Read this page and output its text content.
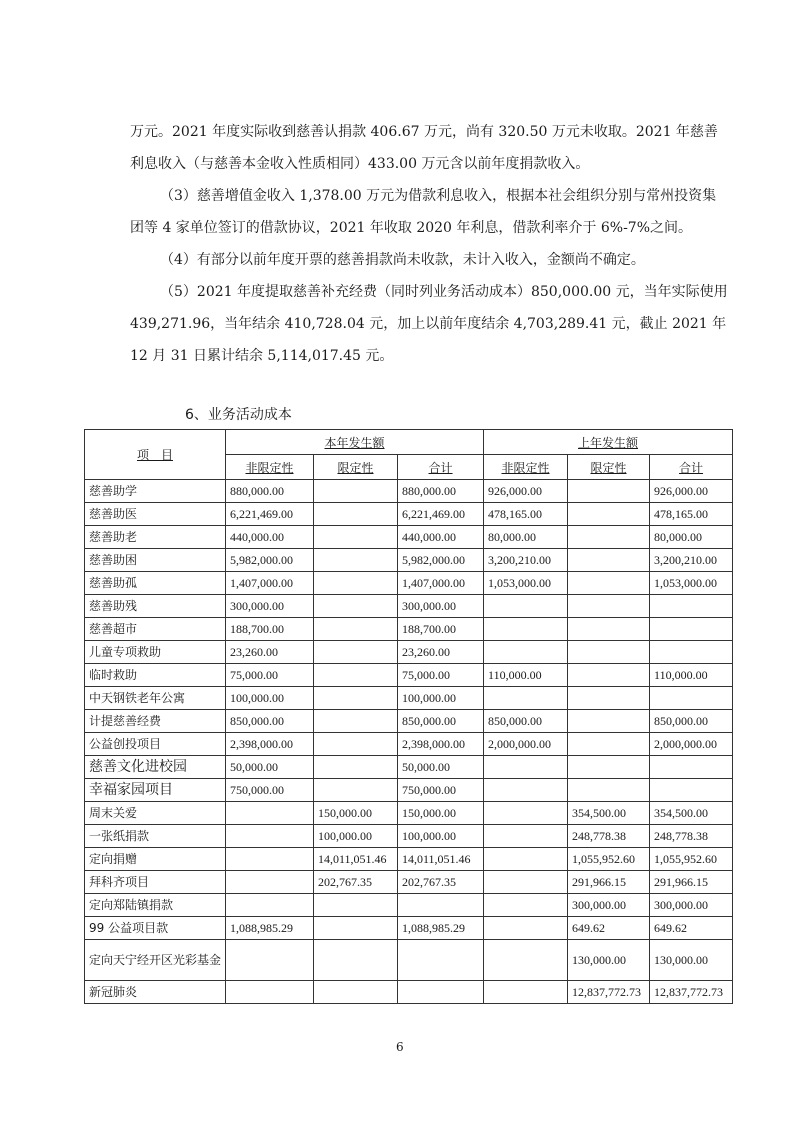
万元。2021 年度实际收到慈善认捐款 406.67 万元，尚有 320.50 万元未收取。2021 年慈善利息收入（与慈善本金收入性质相同）433.00 万元含以前年度捐款收入。

（3）慈善增值金收入 1,378.00 万元为借款利息收入，根据本社会组织分别与常州投资集团等 4 家单位签订的借款协议，2021 年收取 2020 年利息，借款利率介于 6%-7%之间。

（4）有部分以前年度开票的慈善捐款尚未收款，未计入收入，金额尚不确定。

（5）2021 年度提取慈善补充经费（同时列业务活动成本）850,000.00 元，当年实际使用 439,271.96，当年结余 410,728.04 元，加上以前年度结余 4,703,289.41 元，截止 2021 年 12 月 31 日累计结余 5,114,017.45 元。

6、业务活动成本
项　目	本年发生额			上年发生额		
	非限定性	限定性	合计	非限定性	限定性	合计
慈善助学	880,000.00		880,000.00	926,000.00		926,000.00
慈善助医	6,221,469.00		6,221,469.00	478,165.00		478,165.00
慈善助老	440,000.00		440,000.00	80,000.00		80,000.00
慈善助困	5,982,000.00		5,982,000.00	3,200,210.00		3,200,210.00
慈善助孤	1,407,000.00		1,407,000.00	1,053,000.00		1,053,000.00
慈善助残	300,000.00		300,000.00			
慈善超市	188,700.00		188,700.00			
儿童专项救助	23,260.00		23,260.00			
临时救助	75,000.00		75,000.00	110,000.00		110,000.00
中天钢铁老年公寓	100,000.00		100,000.00			
计提慈善经费	850,000.00		850,000.00	850,000.00		850,000.00
公益创投项目	2,398,000.00		2,398,000.00	2,000,000.00		2,000,000.00
慈善文化进校园	50,000.00		50,000.00			
幸福家园项目	750,000.00		750,000.00			
周末关爱		150,000.00	150,000.00		354,500.00	354,500.00
一张纸捐款		100,000.00	100,000.00		248,778.38	248,778.38
定向捐赠		14,011,051.46	14,011,051.46		1,055,952.60	1,055,952.60
拜科齐项目		202,767.35	202,767.35		291,966.15	291,966.15
定向郑陆镇捐款					300,000.00	300,000.00
99 公益项目款	1,088,985.29		1,088,985.29		649.62	649.62
定向天宁经开区光彩基金					130,000.00	130,000.00
新冠肺炎					12,837,772.73	12,837,772.73
6
